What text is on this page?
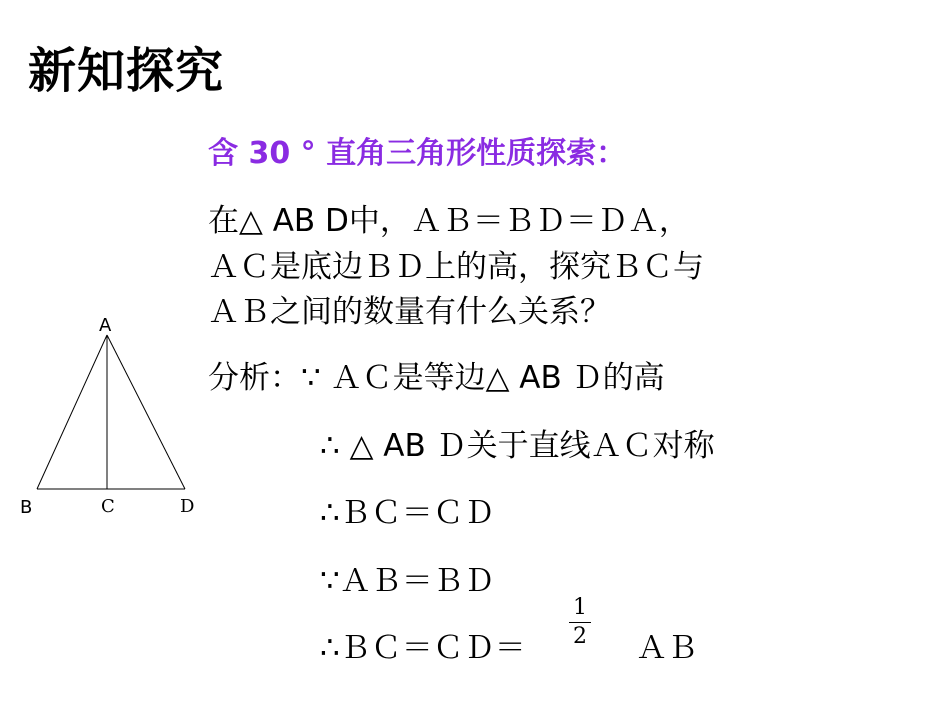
新知探究
含 30 ° 直角三角形性质探索：
在△ AB D中，ＡＢ＝ＢＤ＝ＤＡ，
ＡＣ是底边ＢＤ上的高，探究ＢＣ与
ＡＢ之间的数量有什么关系？
分析：∵ ＡＣ是等边△ AB Ｄ的高
∴ △ AB Ｄ关于直线ＡＣ对称
∴ＢＣ＝ＣＤ
∵ＡＢ＝ＢＤ
∴ＢＣ＝ＣＤ＝
1
2 ＡＢ
A
B	C	D
